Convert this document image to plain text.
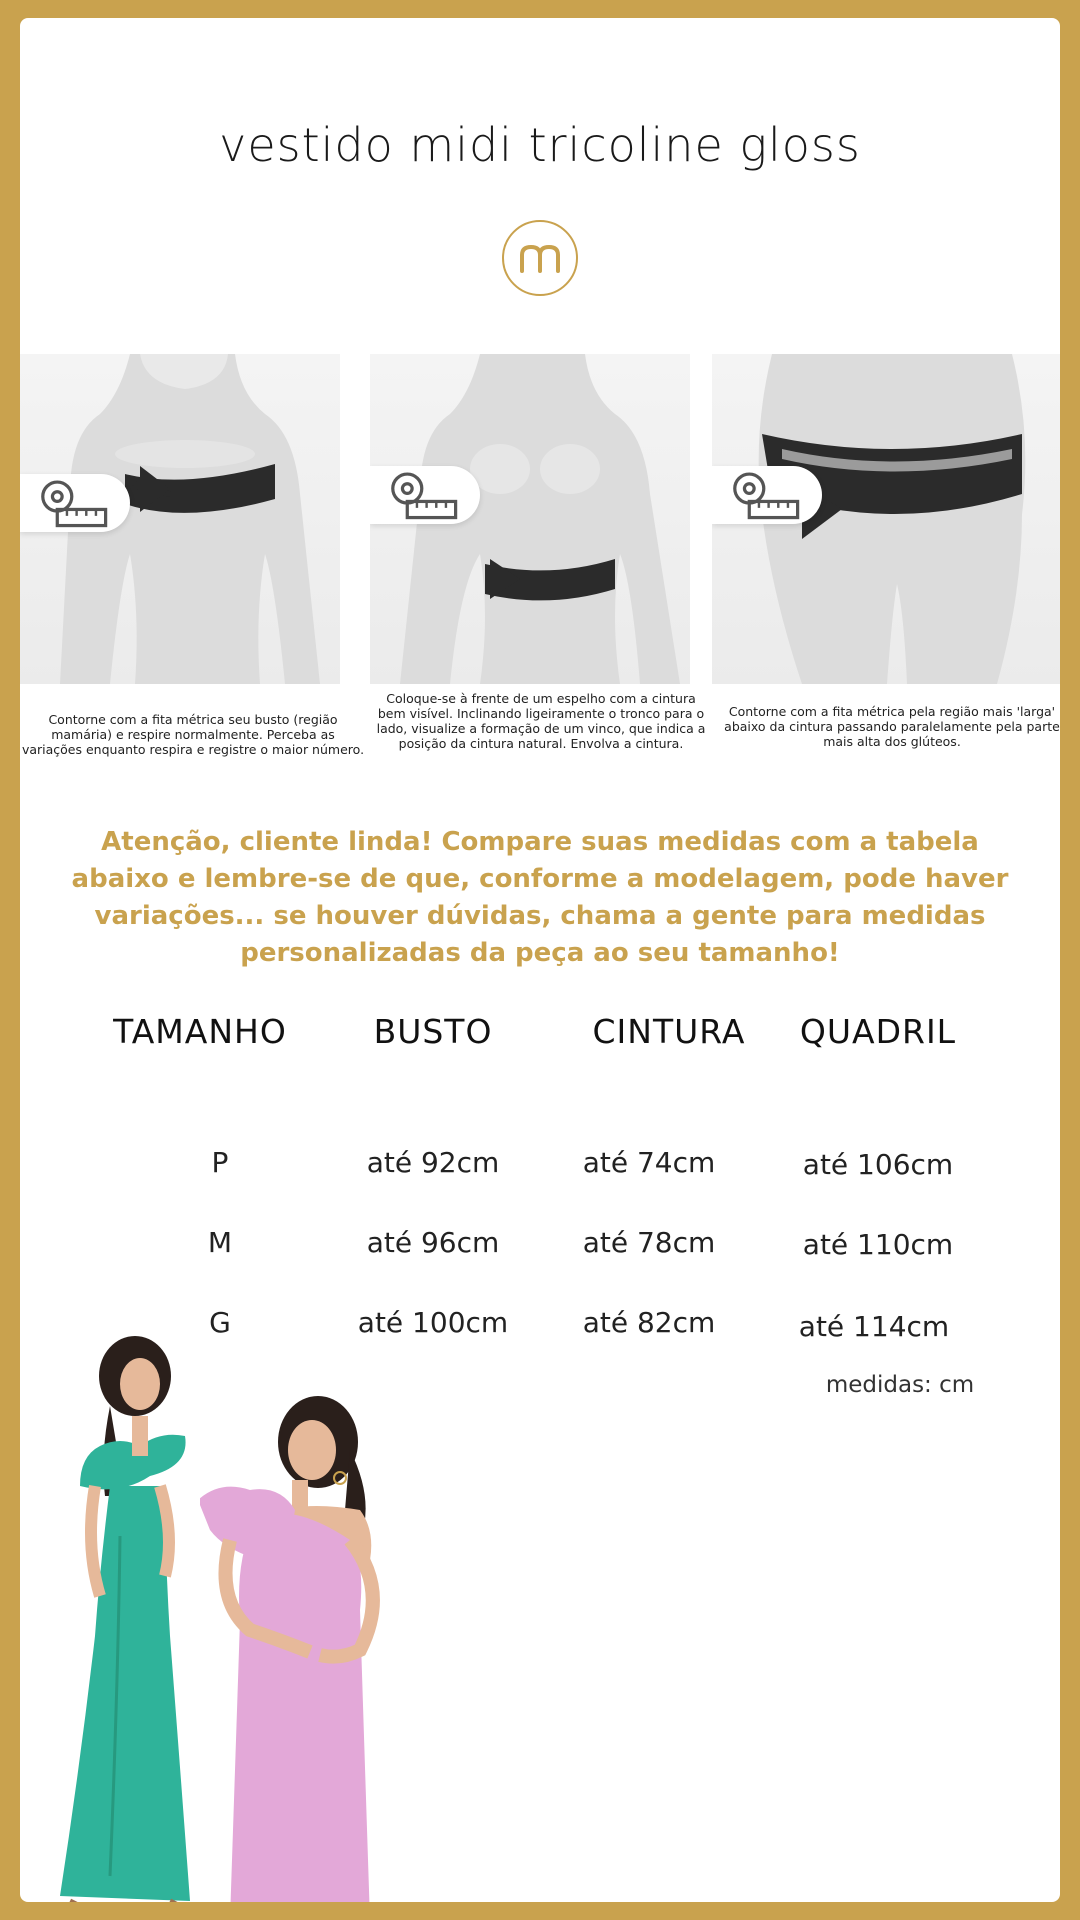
vestido midi tricoline gloss

Contorne com a fita métrica seu busto (região mamária) e respire normalmente. Perceba as variações enquanto respira e registre o maior número.

Coloque-se à frente de um espelho com a cintura bem visível. Inclinando ligeiramente o tronco para o lado, visualize a formação de um vinco, que indica a posição da cintura natural. Envolva a cintura.

Contorne com a fita métrica pela região mais 'larga' abaixo da cintura passando paralelamente pela parte mais alta dos glúteos.

Atenção, cliente linda! Compare suas medidas com a tabela abaixo e lembre-se de que, conforme a modelagem, pode haver variações... se houver dúvidas, chama a gente para medidas personalizadas da peça ao seu tamanho!

TAMANHO	BUSTO	CINTURA	QUADRIL
P	até 92cm	até 74cm	até 106cm
M	até 96cm	até 78cm	até 110cm
G	até 100cm	até 82cm	até 114cm
medidas: cm
